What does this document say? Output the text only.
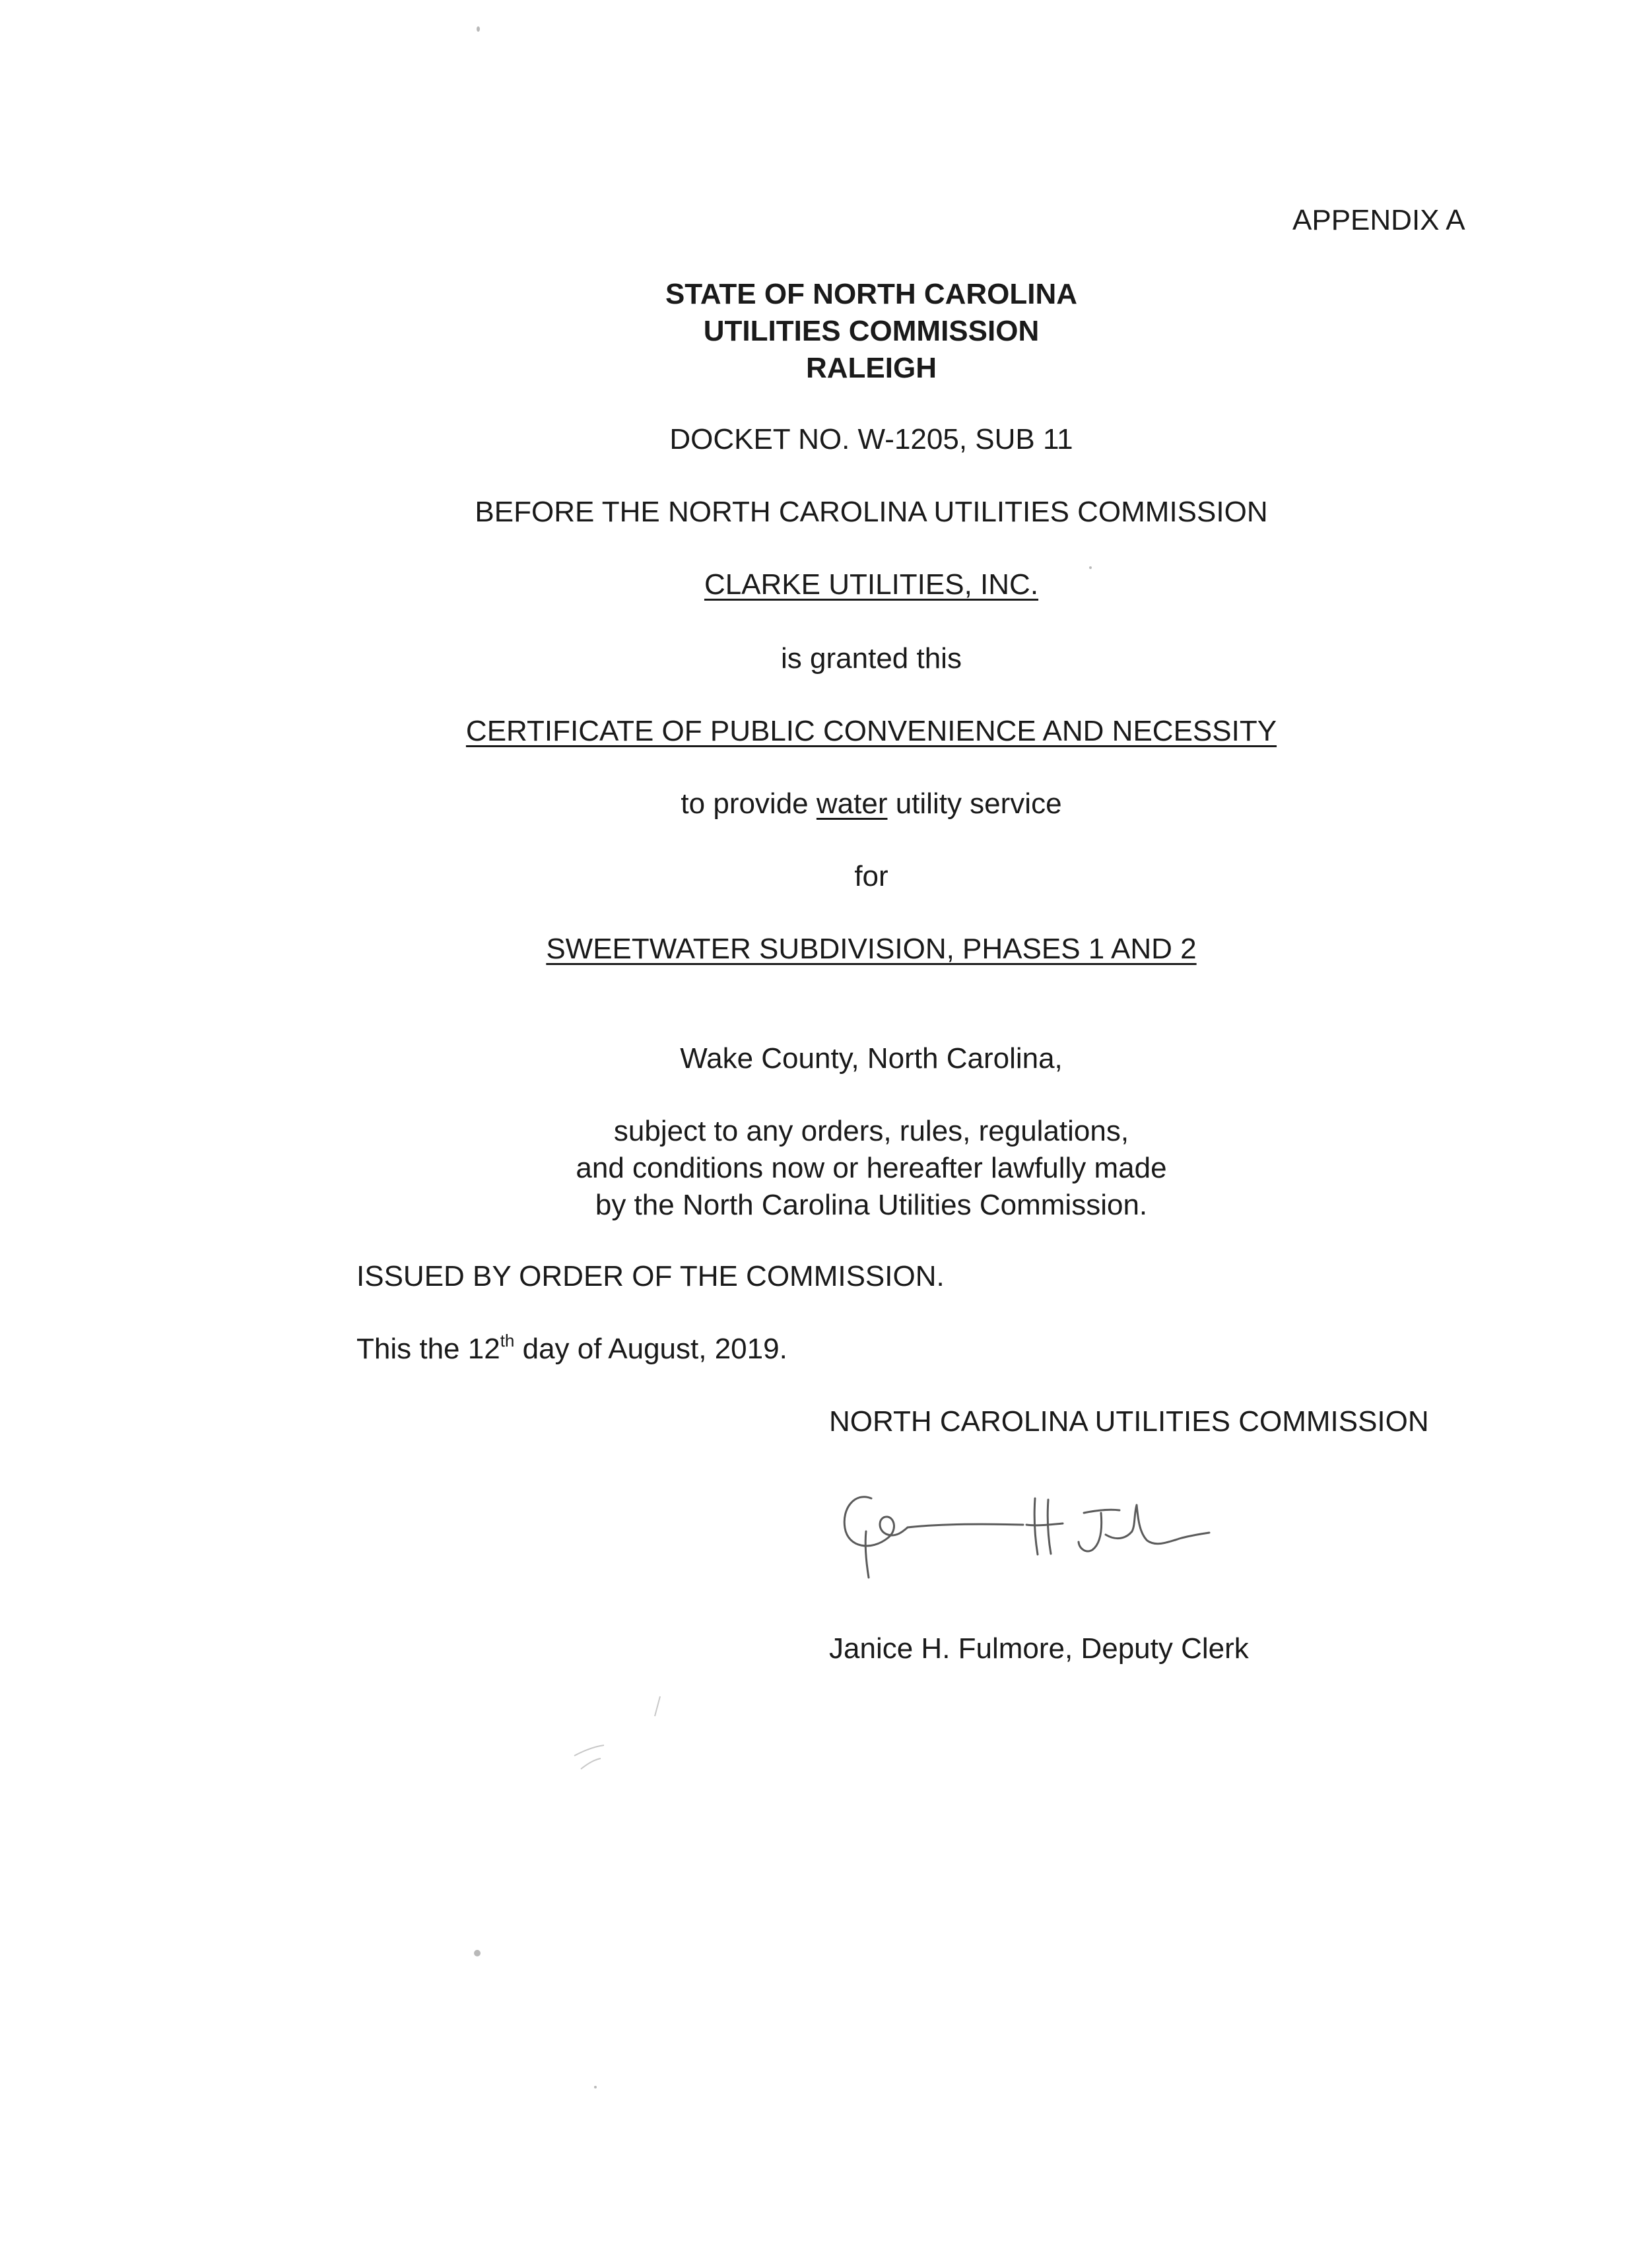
APPENDIX A
STATE OF NORTH CAROLINA
UTILITIES COMMISSION
RALEIGH
DOCKET NO. W-1205, SUB 11
BEFORE THE NORTH CAROLINA UTILITIES COMMISSION
CLARKE UTILITIES, INC.
is granted this
CERTIFICATE OF PUBLIC CONVENIENCE AND NECESSITY
to provide water utility service
for
SWEETWATER SUBDIVISION, PHASES 1 AND 2
Wake County, North Carolina,
subject to any orders, rules, regulations,
and conditions now or hereafter lawfully made
by the North Carolina Utilities Commission.
ISSUED BY ORDER OF THE COMMISSION.
This the 12th day of August, 2019.
NORTH CAROLINA UTILITIES COMMISSION
Janice H. Fulmore, Deputy Clerk
